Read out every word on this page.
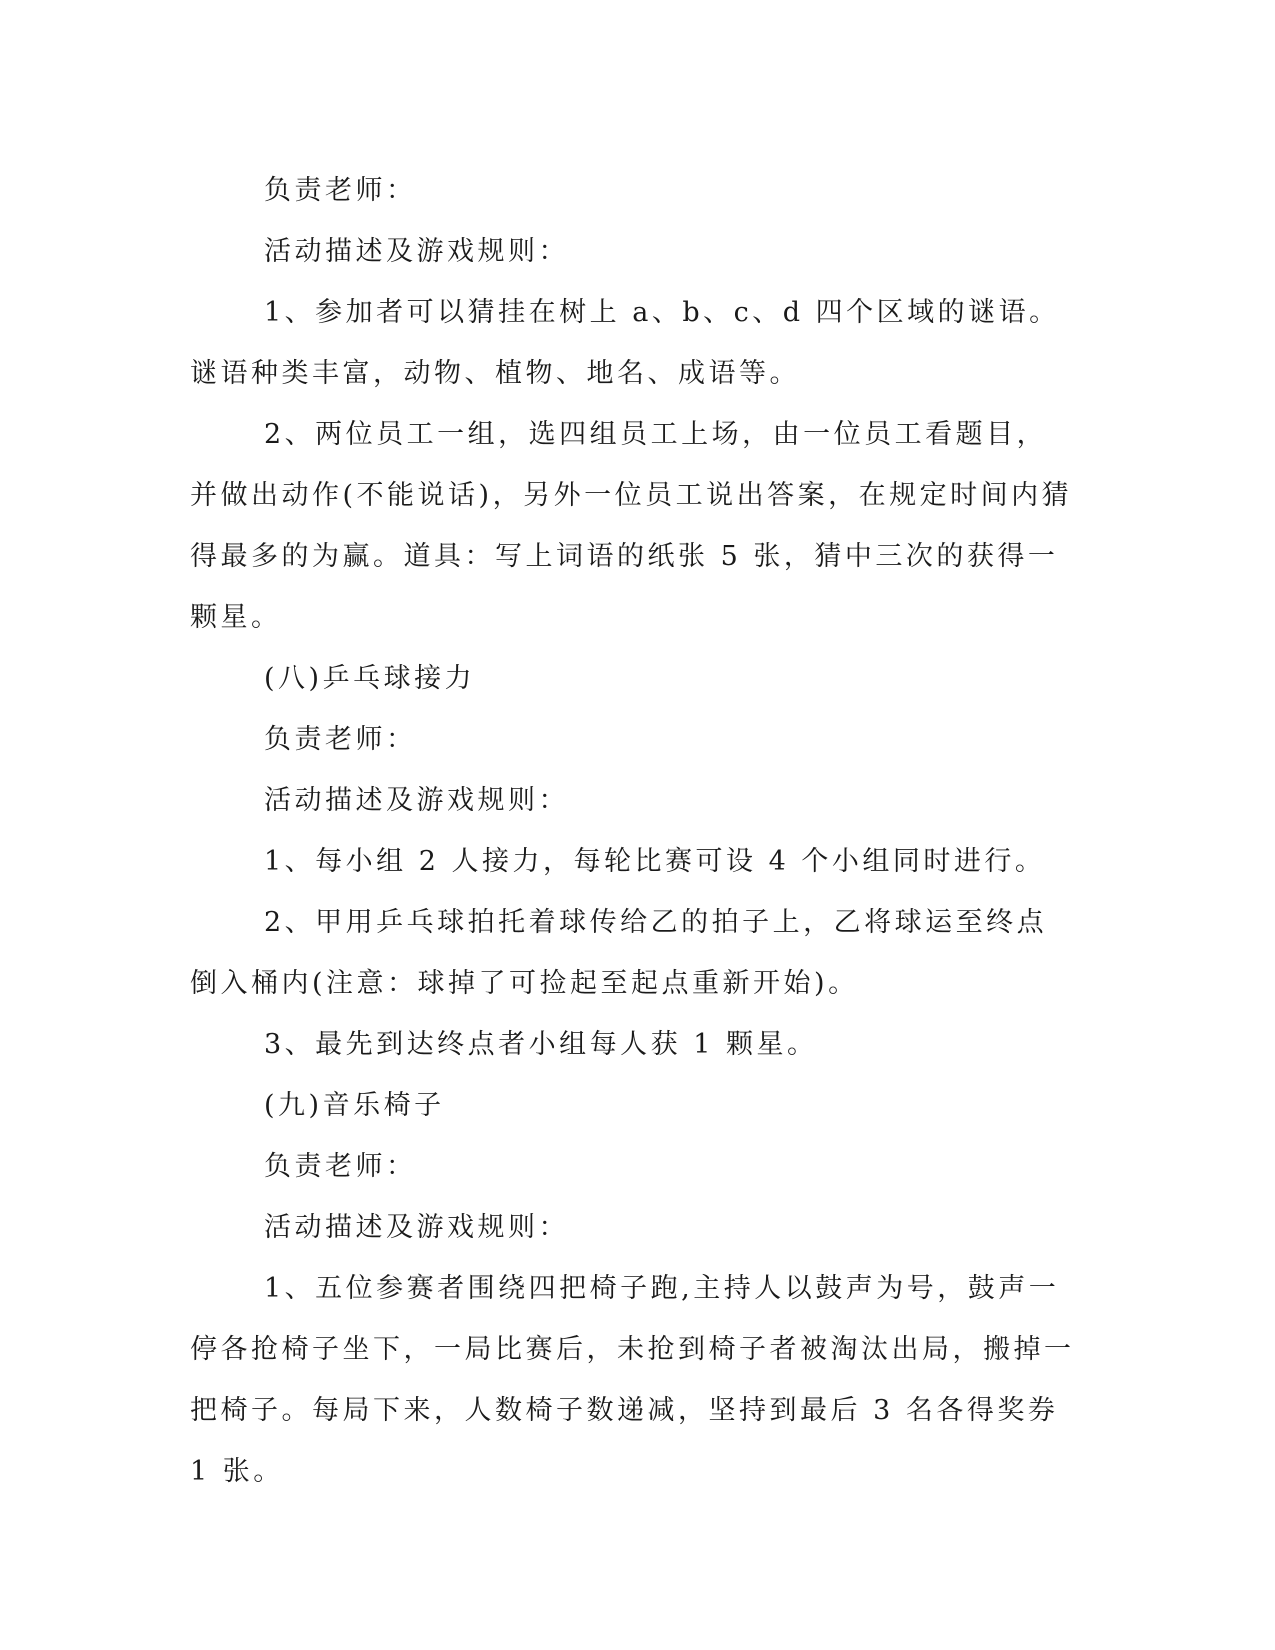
负责老师：

活动描述及游戏规则：

1、参加者可以猜挂在树上 a、b、c、d 四个区域的谜语。谜语种类丰富，动物、植物、地名、成语等。

2、两位员工一组，选四组员工上场，由一位员工看题目，并做出动作(不能说话)，另外一位员工说出答案，在规定时间内猜得最多的为赢。道具：写上词语的纸张 5 张，猜中三次的获得一颗星。

(八)乒乓球接力

负责老师：

活动描述及游戏规则：

1、每小组 2 人接力，每轮比赛可设 4 个小组同时进行。

2、甲用乒乓球拍托着球传给乙的拍子上，乙将球运至终点倒入桶内(注意：球掉了可捡起至起点重新开始)。

3、最先到达终点者小组每人获 1 颗星。

(九)音乐椅子

负责老师：

活动描述及游戏规则：

1、五位参赛者围绕四把椅子跑,主持人以鼓声为号，鼓声一停各抢椅子坐下，一局比赛后，未抢到椅子者被淘汰出局，搬掉一把椅子。每局下来，人数椅子数递减，坚持到最后 3 名各得奖券 1 张。
